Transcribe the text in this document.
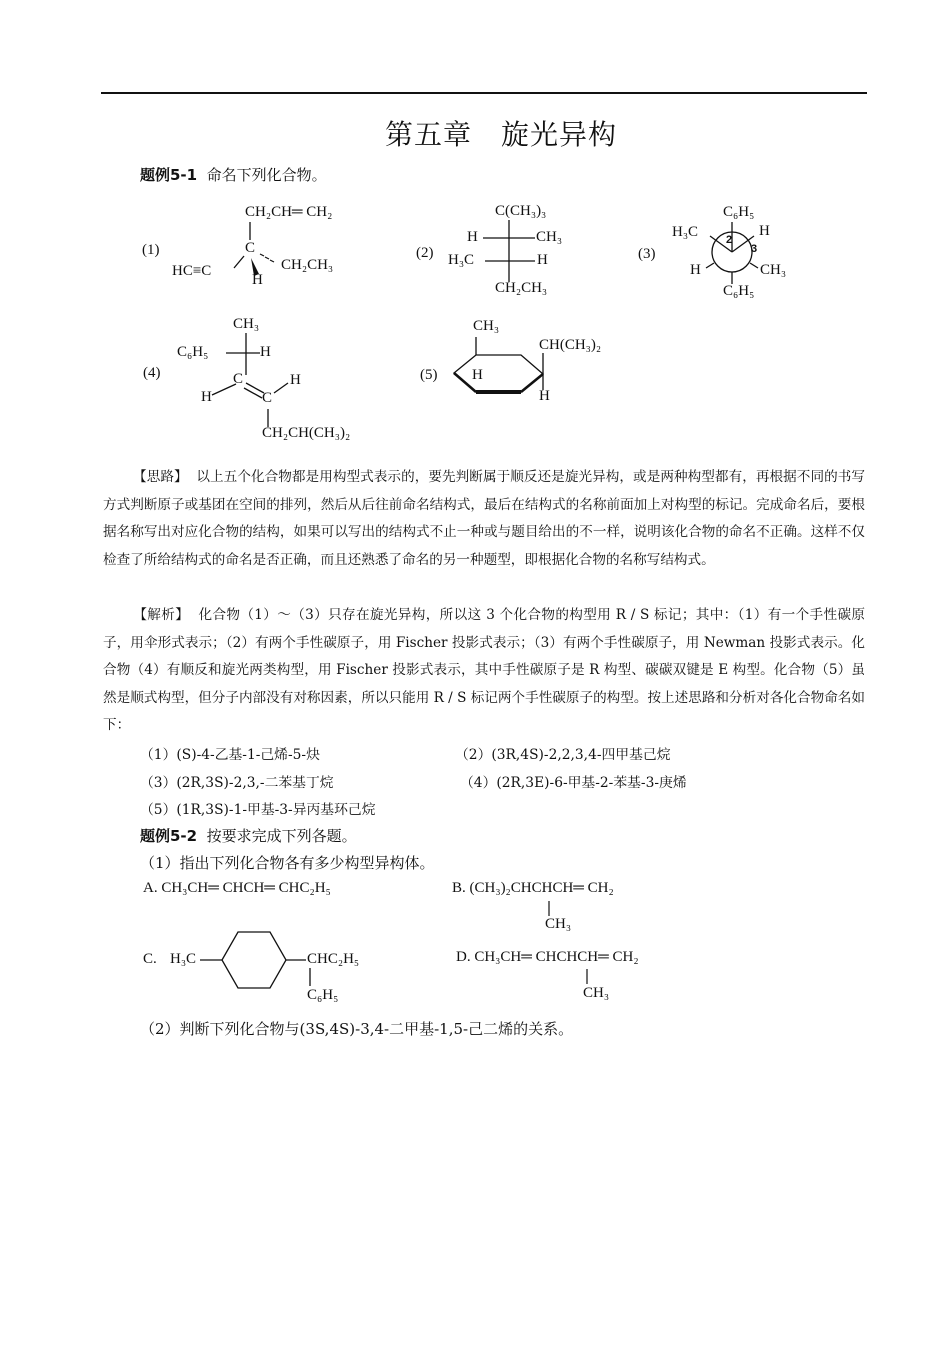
第五章　旋光异构
题例5-1 命名下列化合物。
(1)
CH₂CH═ CH₂
C
HC≡C	CH₂CH₃
H
(2)
C(CH₃)₃
H	CH₃
H₃C	H
CH₂CH₃
(3)
C₆H₅
H₃C	H
2
3
H	CH₃
C₆H₅
(4)
CH₃
C₆H₅	H
C	H
H	C
CH₂CH(CH₃)₂
(5)
CH₃
CH(CH₃)₂
H
H
【思路】 以上五个化合物都是用构型式表示的，要先判断属于顺反还是旋光异构，或是两种构型都有，再根据不同的书写方式判断原子或基团在空间的排列，然后从后往前命名结构式，最后在结构式的名称前面加上对构型的标记。完成命名后，要根据名称写出对应化合物的结构，如果可以写出的结构式不止一种或与题目给出的不一样，说明该化合物的命名不正确。这样不仅检查了所给结构式的命名是否正确，而且还熟悉了命名的另一种题型，即根据化合物的名称写结构式。
【解析】 化合物（1）～（3）只存在旋光异构，所以这 3 个化合物的构型用 R / S 标记；其中：（1）有一个手性碳原子，用伞形式表示；（2）有两个手性碳原子，用 Fischer 投影式表示；（3）有两个手性碳原子，用 Newman 投影式表示。化合物（4）有顺反和旋光两类构型，用 Fischer 投影式表示，其中手性碳原子是 R 构型、碳碳双键是 E 构型。化合物（5）虽然是顺式构型，但分子内部没有对称因素，所以只能用 R / S 标记两个手性碳原子的构型。按上述思路和分析对各化合物命名如下：
（1）(S)-4-乙基-1-己烯-5-炔	（2）(3R,4S)-2,2,3,4-四甲基己烷
（3）(2R,3S)-2,3,-二苯基丁烷	（4）(2R,3E)-6-甲基-2-苯基-3-庚烯
（5）(1R,3S)-1-甲基-3-异丙基环己烷
题例5-2 按要求完成下列各题。
（1）指出下列化合物各有多少构型异构体。
A. CH₃CH═ CHCH═ CHC₂H₅	B. (CH₃)₂CHCHCH═ CH₂
CH₃
C. H₃C	CHC₂H₅
C₆H₅
D. CH₃CH═ CHCHCH═ CH₂
CH₃
（2）判断下列化合物与(3S,4S)-3,4-二甲基-1,5-己二烯的关系。
